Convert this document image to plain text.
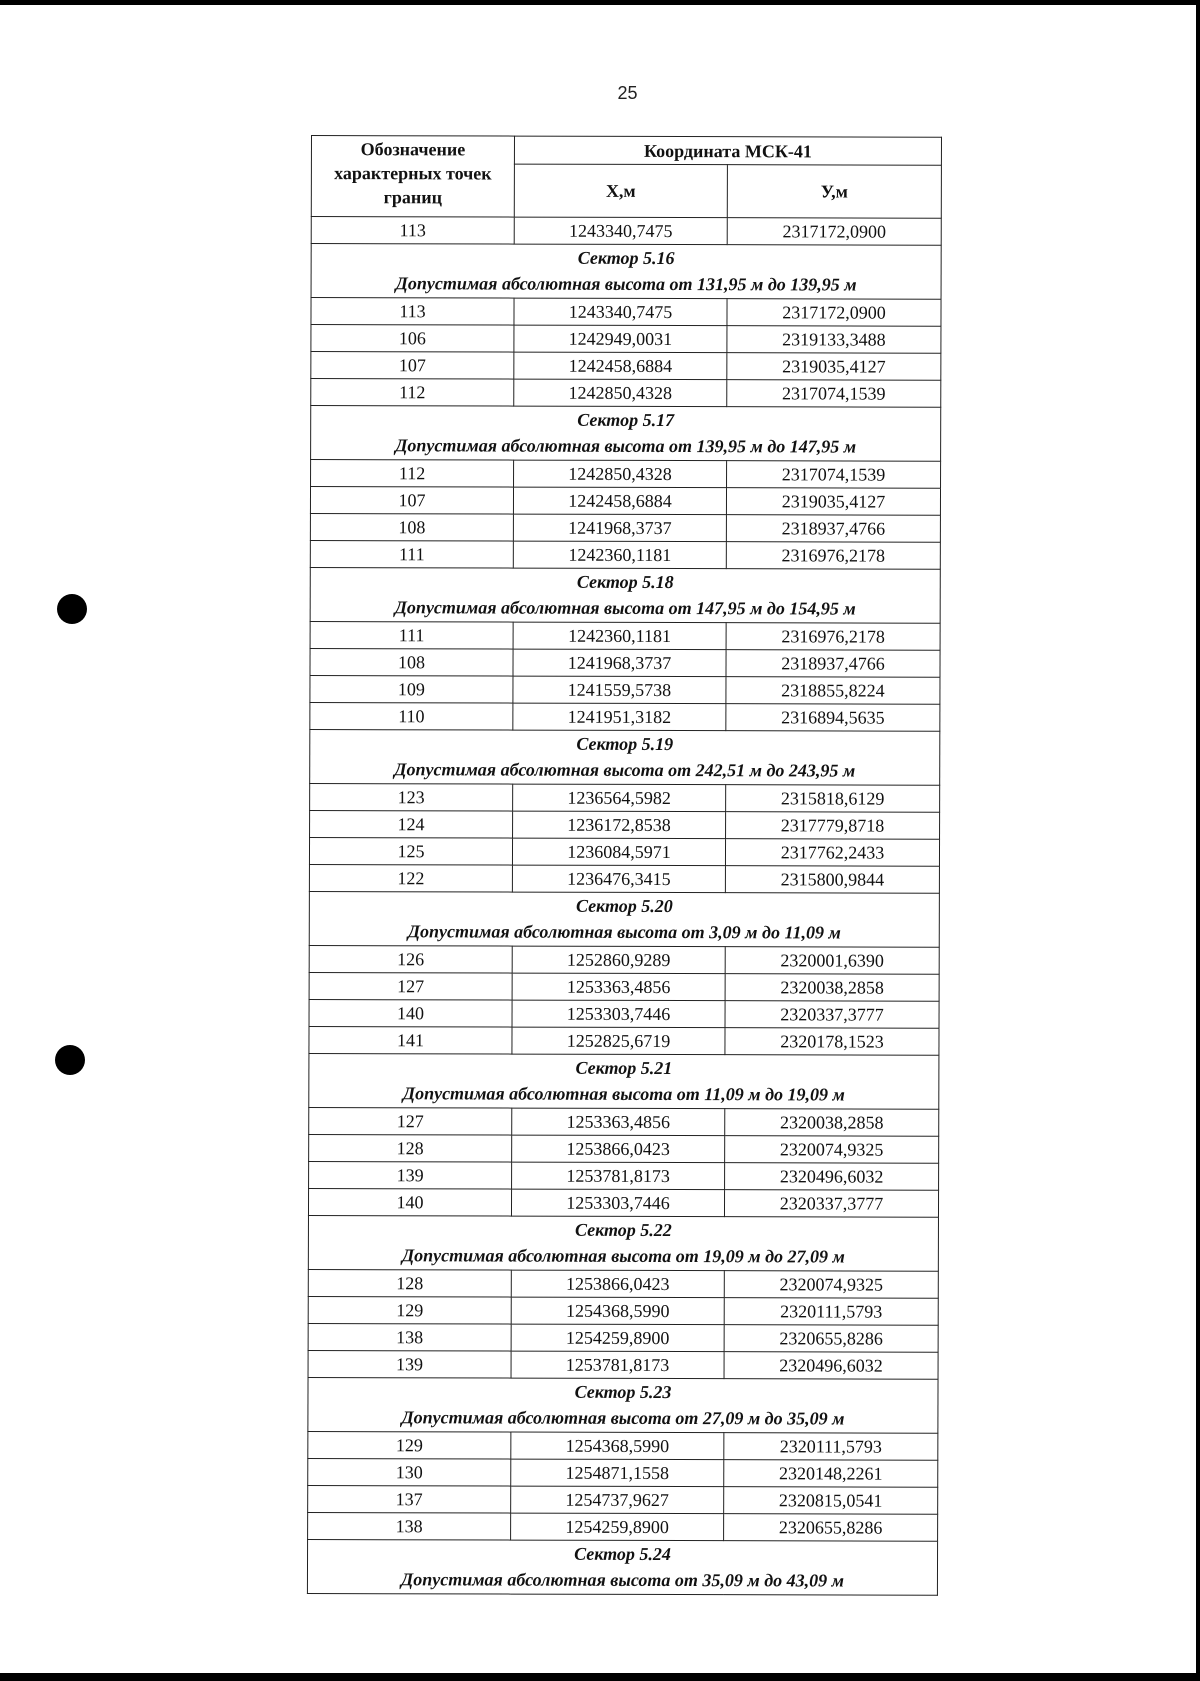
25
Обозначение характерных точек границ	Координата МСК-41	
	Х,м	У,м
113	1243340,7475	2317172,0900

Сектор 5.16
Допустимая абсолютная высота от 131,95 м до 139,95 м		

113	1243340,7475	2317172,0900
106	1242949,0031	2319133,3488
107	1242458,6884	2319035,4127
112	1242850,4328	2317074,1539

Сектор 5.17
Допустимая абсолютная высота от 139,95 м до 147,95 м		

112	1242850,4328	2317074,1539
107	1242458,6884	2319035,4127
108	1241968,3737	2318937,4766
111	1242360,1181	2316976,2178

Сектор 5.18
Допустимая абсолютная высота от 147,95 м до 154,95 м		

111	1242360,1181	2316976,2178
108	1241968,3737	2318937,4766
109	1241559,5738	2318855,8224
110	1241951,3182	2316894,5635

Сектор 5.19
Допустимая абсолютная высота от 242,51 м до 243,95 м		

123	1236564,5982	2315818,6129
124	1236172,8538	2317779,8718
125	1236084,5971	2317762,2433
122	1236476,3415	2315800,9844

Сектор 5.20
Допустимая абсолютная высота от 3,09 м до 11,09 м		

126	1252860,9289	2320001,6390
127	1253363,4856	2320038,2858
140	1253303,7446	2320337,3777
141	1252825,6719	2320178,1523

Сектор 5.21
Допустимая абсолютная высота от 11,09 м до 19,09 м		

127	1253363,4856	2320038,2858
128	1253866,0423	2320074,9325
139	1253781,8173	2320496,6032
140	1253303,7446	2320337,3777

Сектор 5.22
Допустимая абсолютная высота от 19,09 м до 27,09 м		

128	1253866,0423	2320074,9325
129	1254368,5990	2320111,5793
138	1254259,8900	2320655,8286
139	1253781,8173	2320496,6032

Сектор 5.23
Допустимая абсолютная высота от 27,09 м до 35,09 м		

129	1254368,5990	2320111,5793
130	1254871,1558	2320148,2261
137	1254737,9627	2320815,0541
138	1254259,8900	2320655,8286

Сектор 5.24
Допустимая абсолютная высота от 35,09 м до 43,09 м		
